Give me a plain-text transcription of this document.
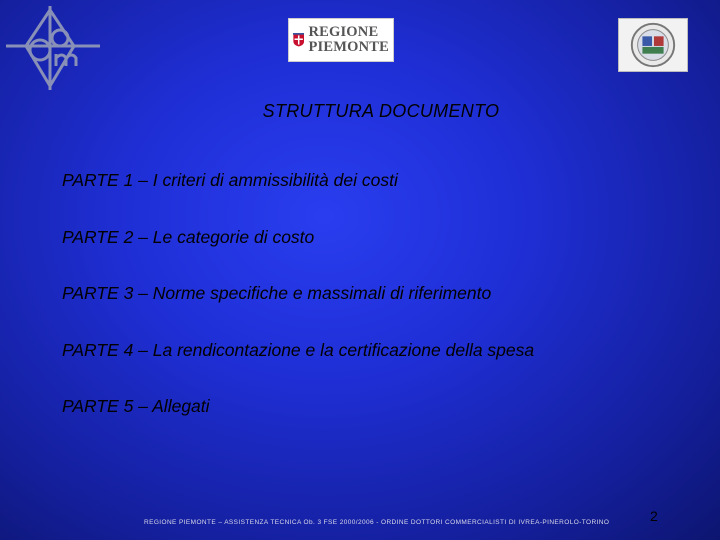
REGIONE
PIEMONTE
STRUTTURA DOCUMENTO
PARTE 1 – I criteri di ammissibilità dei costi
PARTE 2 – Le categorie di costo
PARTE 3 – Norme specifiche e massimali di riferimento
PARTE 4 – La rendicontazione e la certificazione della spesa
PARTE 5 – Allegati
REGIONE PIEMONTE – ASSISTENZA TECNICA Ob. 3 FSE 2000/2006 - ORDINE DOTTORI COMMERCIALISTI DI IVREA-PINEROLO-TORINO	2
